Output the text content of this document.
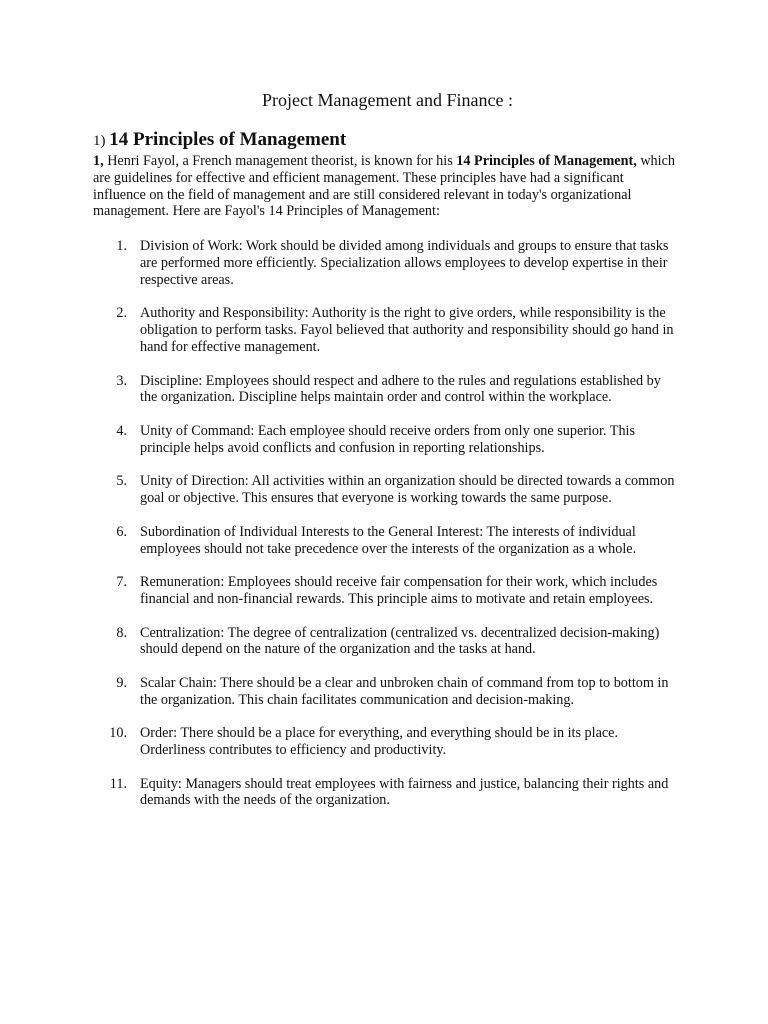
Project Management and Finance :

1) 14 Principles of Management

1, Henri Fayol, a French management theorist, is known for his 14 Principles of Management, which are guidelines for effective and efficient management. These principles have had a significant influence on the field of management and are still considered relevant in today's organizational management. Here are Fayol's 14 Principles of Management:

1. Division of Work: Work should be divided among individuals and groups to ensure that tasks are performed more efficiently. Specialization allows employees to develop expertise in their respective areas.
2. Authority and Responsibility: Authority is the right to give orders, while responsibility is the obligation to perform tasks. Fayol believed that authority and responsibility should go hand in hand for effective management.
3. Discipline: Employees should respect and adhere to the rules and regulations established by the organization. Discipline helps maintain order and control within the workplace.
4. Unity of Command: Each employee should receive orders from only one superior. This principle helps avoid conflicts and confusion in reporting relationships.
5. Unity of Direction: All activities within an organization should be directed towards a common goal or objective. This ensures that everyone is working towards the same purpose.
6. Subordination of Individual Interests to the General Interest: The interests of individual employees should not take precedence over the interests of the organization as a whole.
7. Remuneration: Employees should receive fair compensation for their work, which includes financial and non-financial rewards. This principle aims to motivate and retain employees.
8. Centralization: The degree of centralization (centralized vs. decentralized decision-making) should depend on the nature of the organization and the tasks at hand.
9. Scalar Chain: There should be a clear and unbroken chain of command from top to bottom in the organization. This chain facilitates communication and decision-making.
10. Order: There should be a place for everything, and everything should be in its place. Orderliness contributes to efficiency and productivity.
11. Equity: Managers should treat employees with fairness and justice, balancing their rights and demands with the needs of the organization.
